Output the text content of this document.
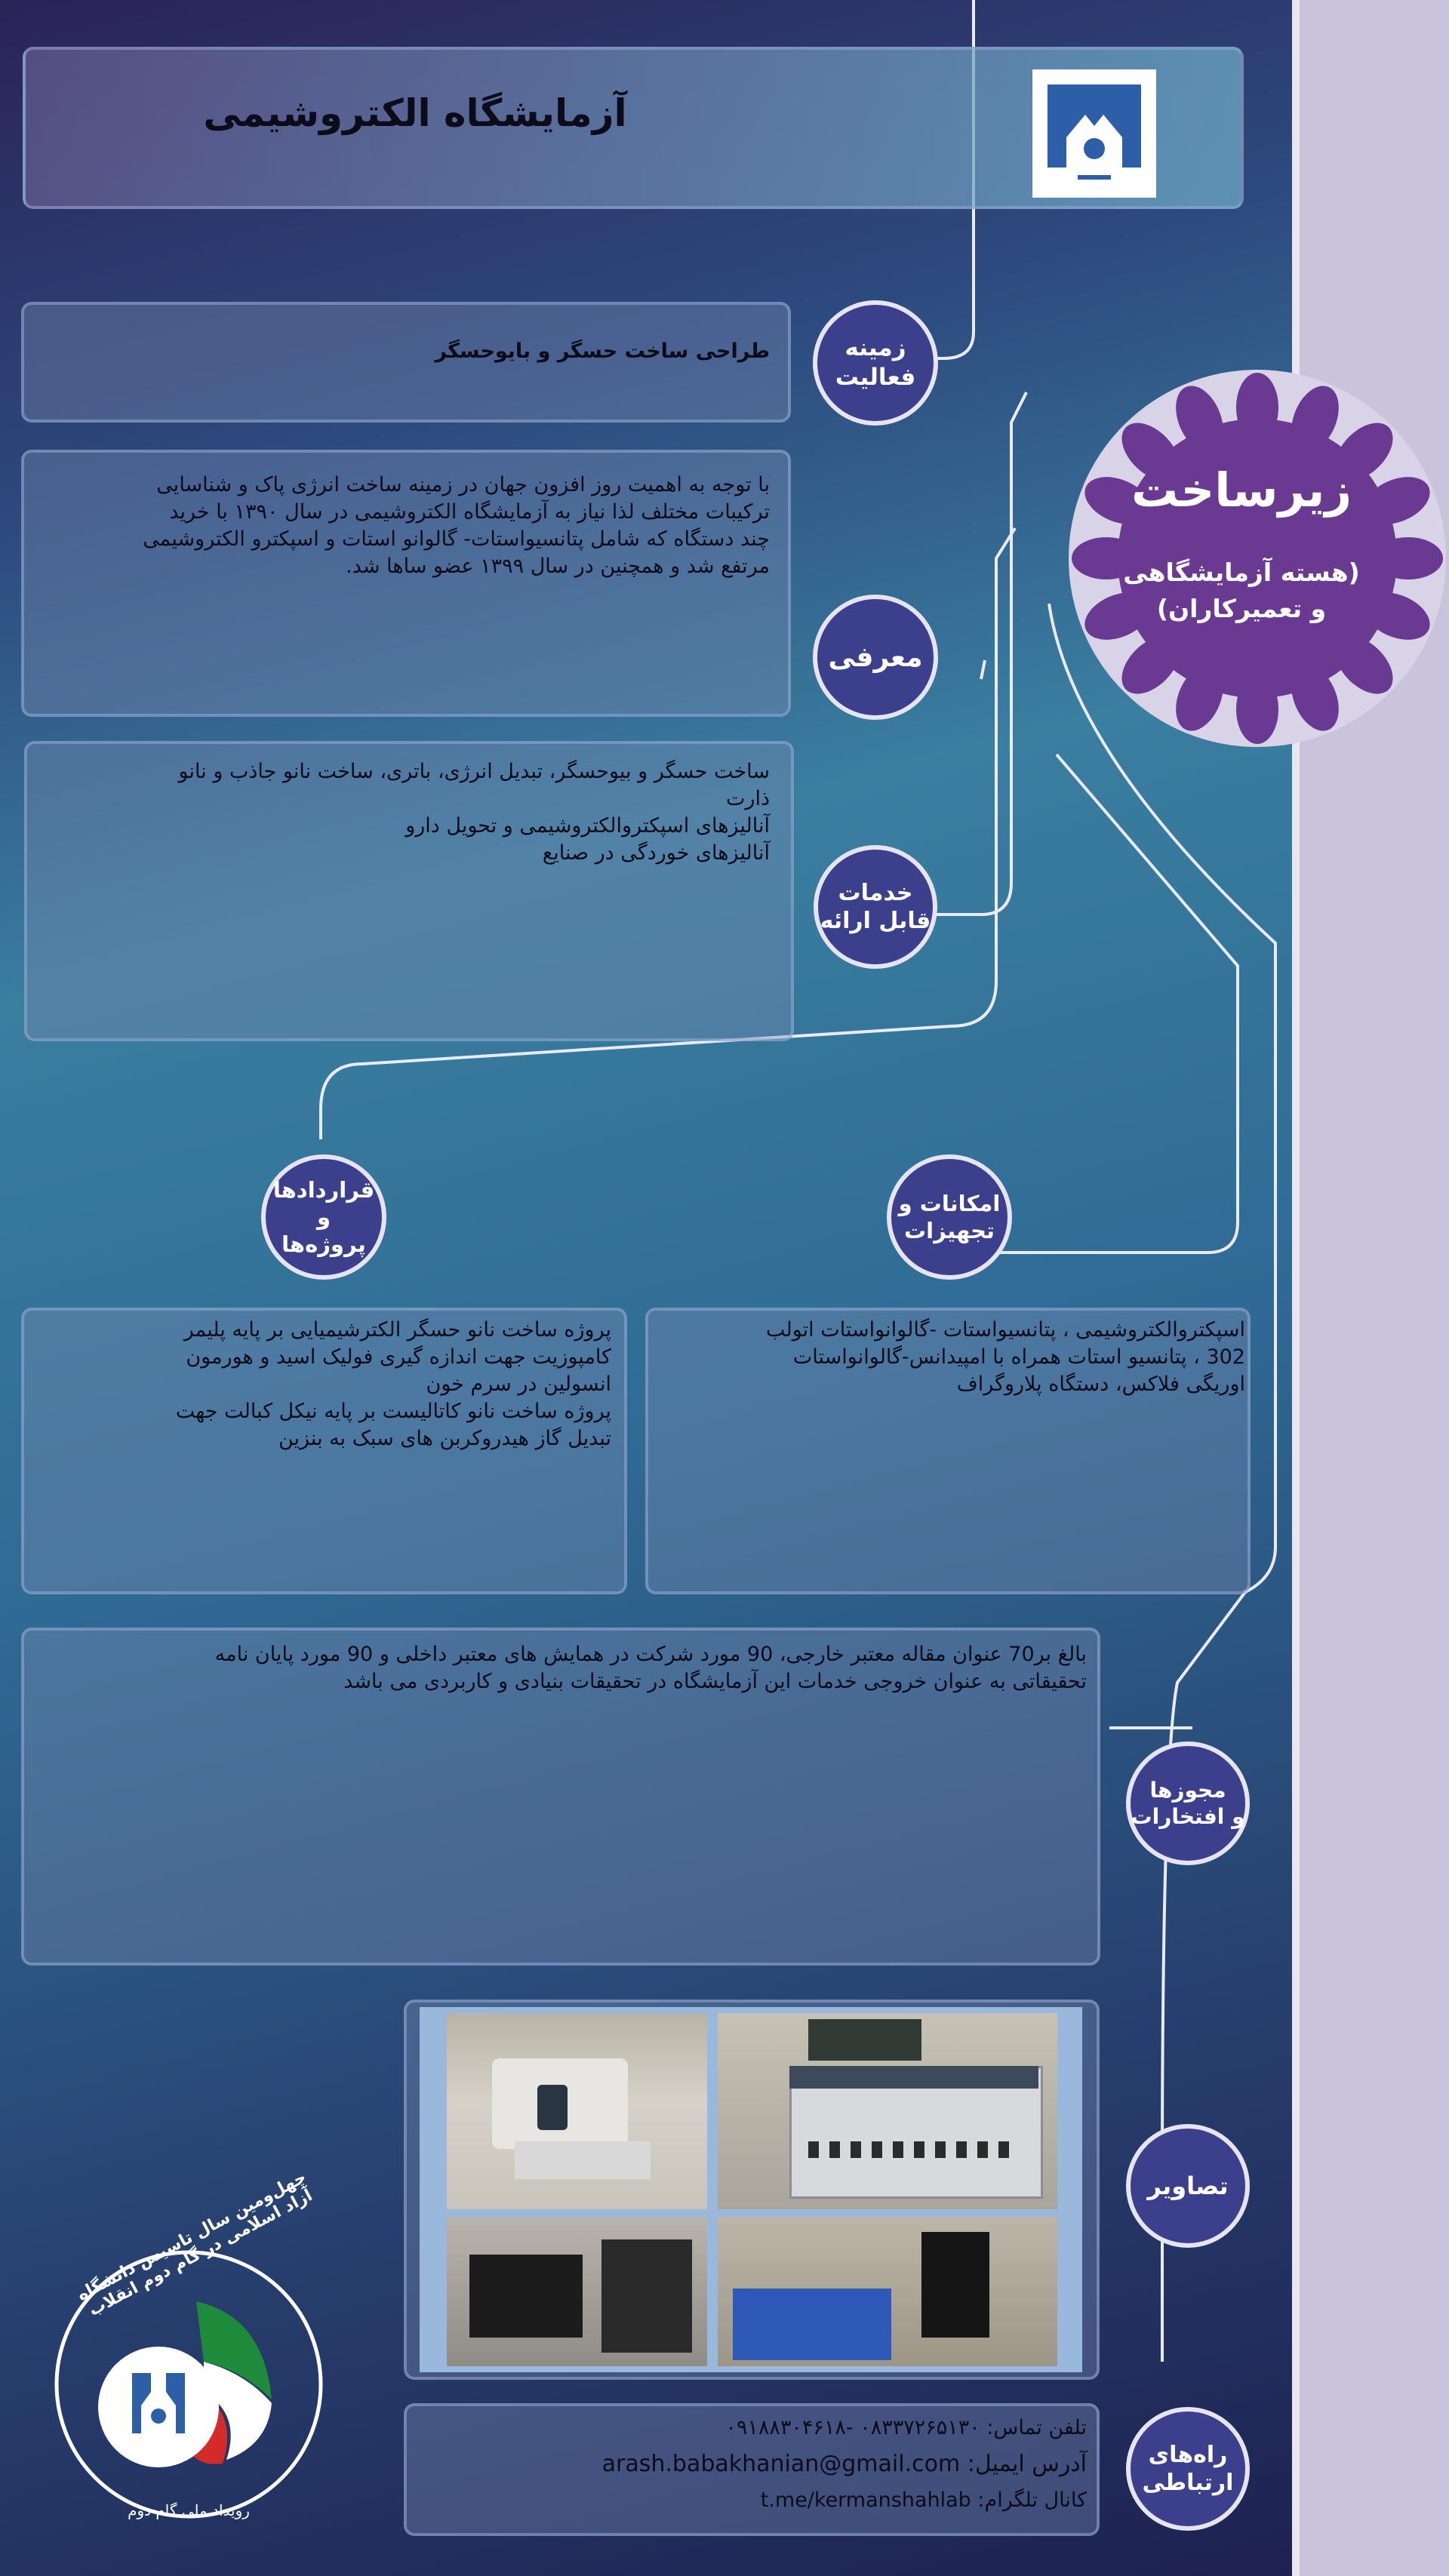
آزمایشگاه الکتروشیمی
زیرساخت
(هسته آزمایشگاهی
و تعمیرکاران)
طراحی ساخت حسگر و بایوحسگر	زمینه
فعالیت
با توجه به اهمیت روز افزون جهان در زمینه ساخت انرژی پاک و شناسایی
ترکیبات مختلف لذا نیاز به آزمایشگاه الکتروشیمی در سال ۱۳۹۰ با خرید
چند دستگاه که شامل پتانسیواستات- گالوانو استات و اسپکترو الکتروشیمی
مرتفع شد و همچنین در سال ۱۳۹۹ عضو ساها شد.
معرفی
ساخت حسگر و بیوحسگر، تبدیل انرژی، باتری، ساخت نانو جاذب و نانو
ذارت
آنالیزهای اسپکتروالکتروشیمی و تحویل دارو
آنالیزهای خوردگی در صنایع
خدمات
قابل ارائه
قراردادها و
پروژه‌ها
امکانات و
تجهیزات
پروژه ساخت نانو حسگر الکترشیمیایی بر پایه پلیمر
کامپوزیت جهت اندازه گیری فولیک اسید و هورمون
انسولین در سرم خون
پروژه ساخت نانو کاتالیست بر پایه نیکل کبالت جهت
تبدیل گاز هیدروکربن های سبک به بنزین
اسپکتروالکتروشیمی ، پتانسیواستات -گالوانواستات اتولب
302 ، پتانسیو استات همراه با امپیدانس-گالوانواستات
اوریگی فلاکس، دستگاه پلاروگراف
بالغ بر70 عنوان مقاله معتبر خارجی، 90 مورد شرکت در همایش های معتبر داخلی و 90 مورد پایان نامه
تحقیقاتی به عنوان خروجی خدمات این آزمایشگاه در تحقیقات بنیادی و کاربردی می باشد
مجوزها
و افتخارات
تصاویر
تلفن تماس: ۰۸۳۳۷۲۶۵۱۳۰ -۰۹۱۸۸۳۰۴۶۱۸
آدرس ایمیل: arash.babakhanian@gmail.com
کانال تلگرام: t.me/kermanshahlab
راه‌های
ارتباطی
چهل‌ومین سال تاسیس دانشگاه آزاد اسلامی در گام دوم انقلاب
رویداد ملی گام دوم
